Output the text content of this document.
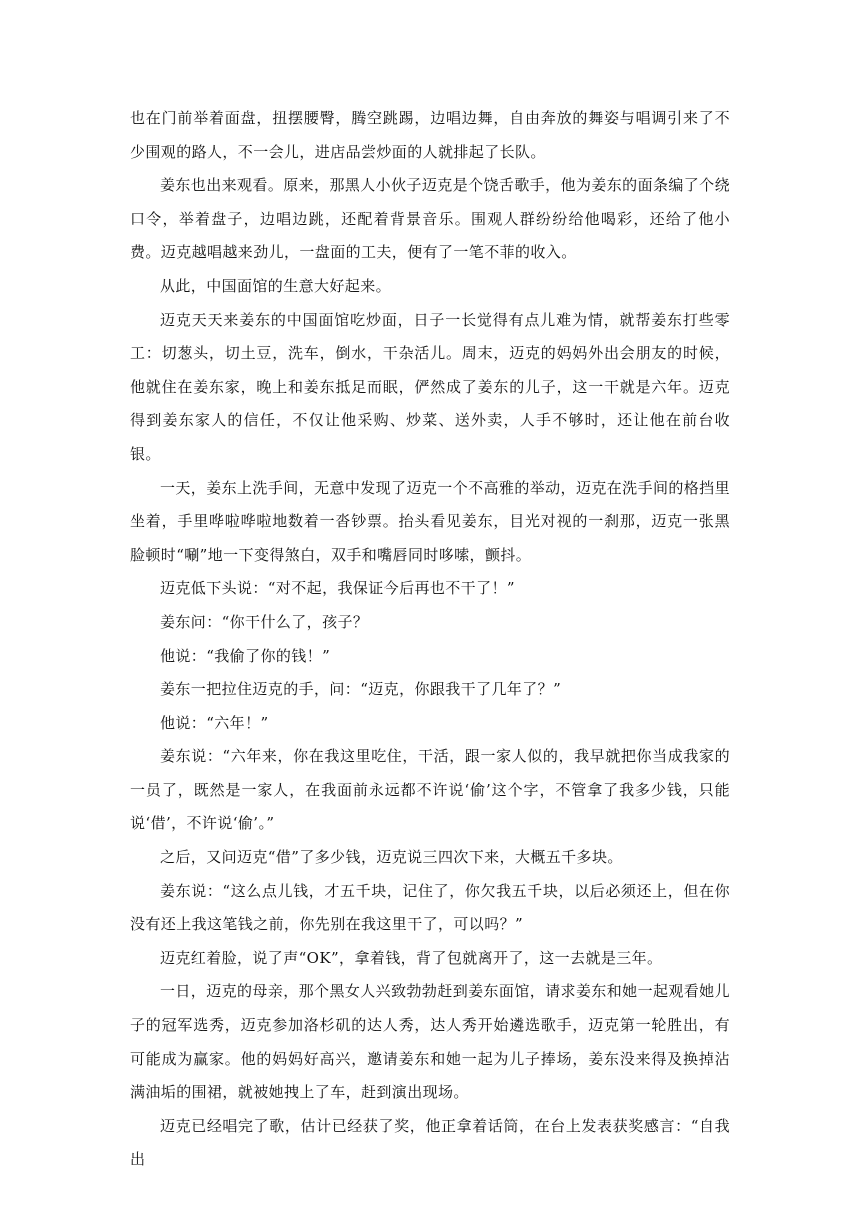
也在门前举着面盘，扭摆腰臀，腾空跳踢，边唱边舞，自由奔放的舞姿与唱调引来了不少围观的路人，不一会儿，进店品尝炒面的人就排起了长队。

姜东也出来观看。原来，那黑人小伙子迈克是个饶舌歌手，他为姜东的面条编了个绕口令，举着盘子，边唱边跳，还配着背景音乐。围观人群纷纷给他喝彩，还给了他小费。迈克越唱越来劲儿，一盘面的工夫，便有了一笔不菲的收入。

从此，中国面馆的生意大好起来。

迈克天天来姜东的中国面馆吃炒面，日子一长觉得有点儿难为情，就帮姜东打些零工：切葱头，切土豆，洗车，倒水，干杂活儿。周末，迈克的妈妈外出会朋友的时候，他就住在姜东家，晚上和姜东抵足而眠，俨然成了姜东的儿子，这一干就是六年。迈克得到姜东家人的信任，不仅让他采购、炒菜、送外卖，人手不够时，还让他在前台收银。

一天，姜东上洗手间，无意中发现了迈克一个不高雅的举动，迈克在洗手间的格挡里坐着，手里哗啦哗啦地数着一沓钞票。抬头看见姜东，目光对视的一刹那，迈克一张黑脸顿时“唰”地一下变得煞白，双手和嘴唇同时哆嗦，颤抖。

迈克低下头说：“对不起，我保证今后再也不干了！”

姜东问：“你干什么了，孩子？

他说：“我偷了你的钱！”

姜东一把拉住迈克的手，问：“迈克，你跟我干了几年了？”

他说：“六年！”

姜东说：“六年来，你在我这里吃住，干活，跟一家人似的，我早就把你当成我家的一员了，既然是一家人，在我面前永远都不许说‘偷’这个字，不管拿了我多少钱，只能说‘借’，不许说‘偷’。”

之后，又问迈克“借”了多少钱，迈克说三四次下来，大概五千多块。

姜东说：“这么点儿钱，才五千块，记住了，你欠我五千块，以后必须还上，但在你没有还上我这笔钱之前，你先别在我这里干了，可以吗？”

迈克红着脸，说了声“OK”，拿着钱，背了包就离开了，这一去就是三年。

一日，迈克的母亲，那个黑女人兴致勃勃赶到姜东面馆，请求姜东和她一起观看她儿子的冠军选秀，迈克参加洛杉矶的达人秀，达人秀开始遴选歌手，迈克第一轮胜出，有可能成为赢家。他的妈妈好高兴，邀请姜东和她一起为儿子捧场，姜东没来得及换掉沾满油垢的围裙，就被她拽上了车，赶到演出现场。

迈克已经唱完了歌，估计已经获了奖，他正拿着话筒，在台上发表获奖感言：“自我出
